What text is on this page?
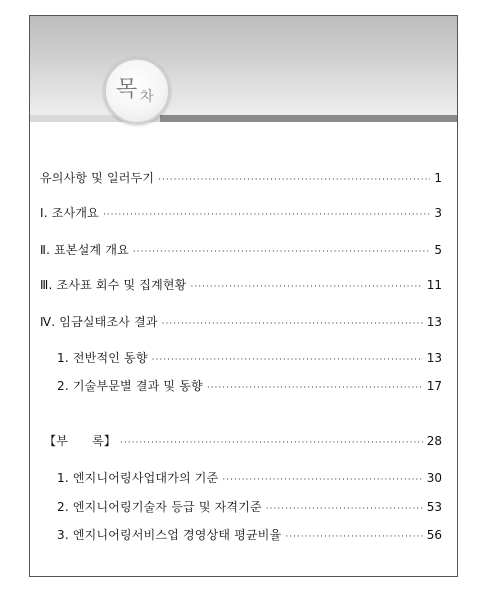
목 차
유의사항 및 일러두기 ·····	1
Ⅰ. 조사개요 ·····	3
Ⅱ. 표본설계 개요 ·····	5
Ⅲ. 조사표 회수 및 집계현황 ·····	11
Ⅳ. 임금실태조사 결과 ·····	13
1. 전반적인 동향 ·····	13
2. 기술부문별 결과 및 동향 ·····	17
【부      록】 ·····	28
1. 엔지니어링사업대가의 기준 ·····	30
2. 엔지니어링기술자 등급 및 자격기준 ·····	53
3. 엔지니어링서비스업 경영상태 평균비율 ·····	56
